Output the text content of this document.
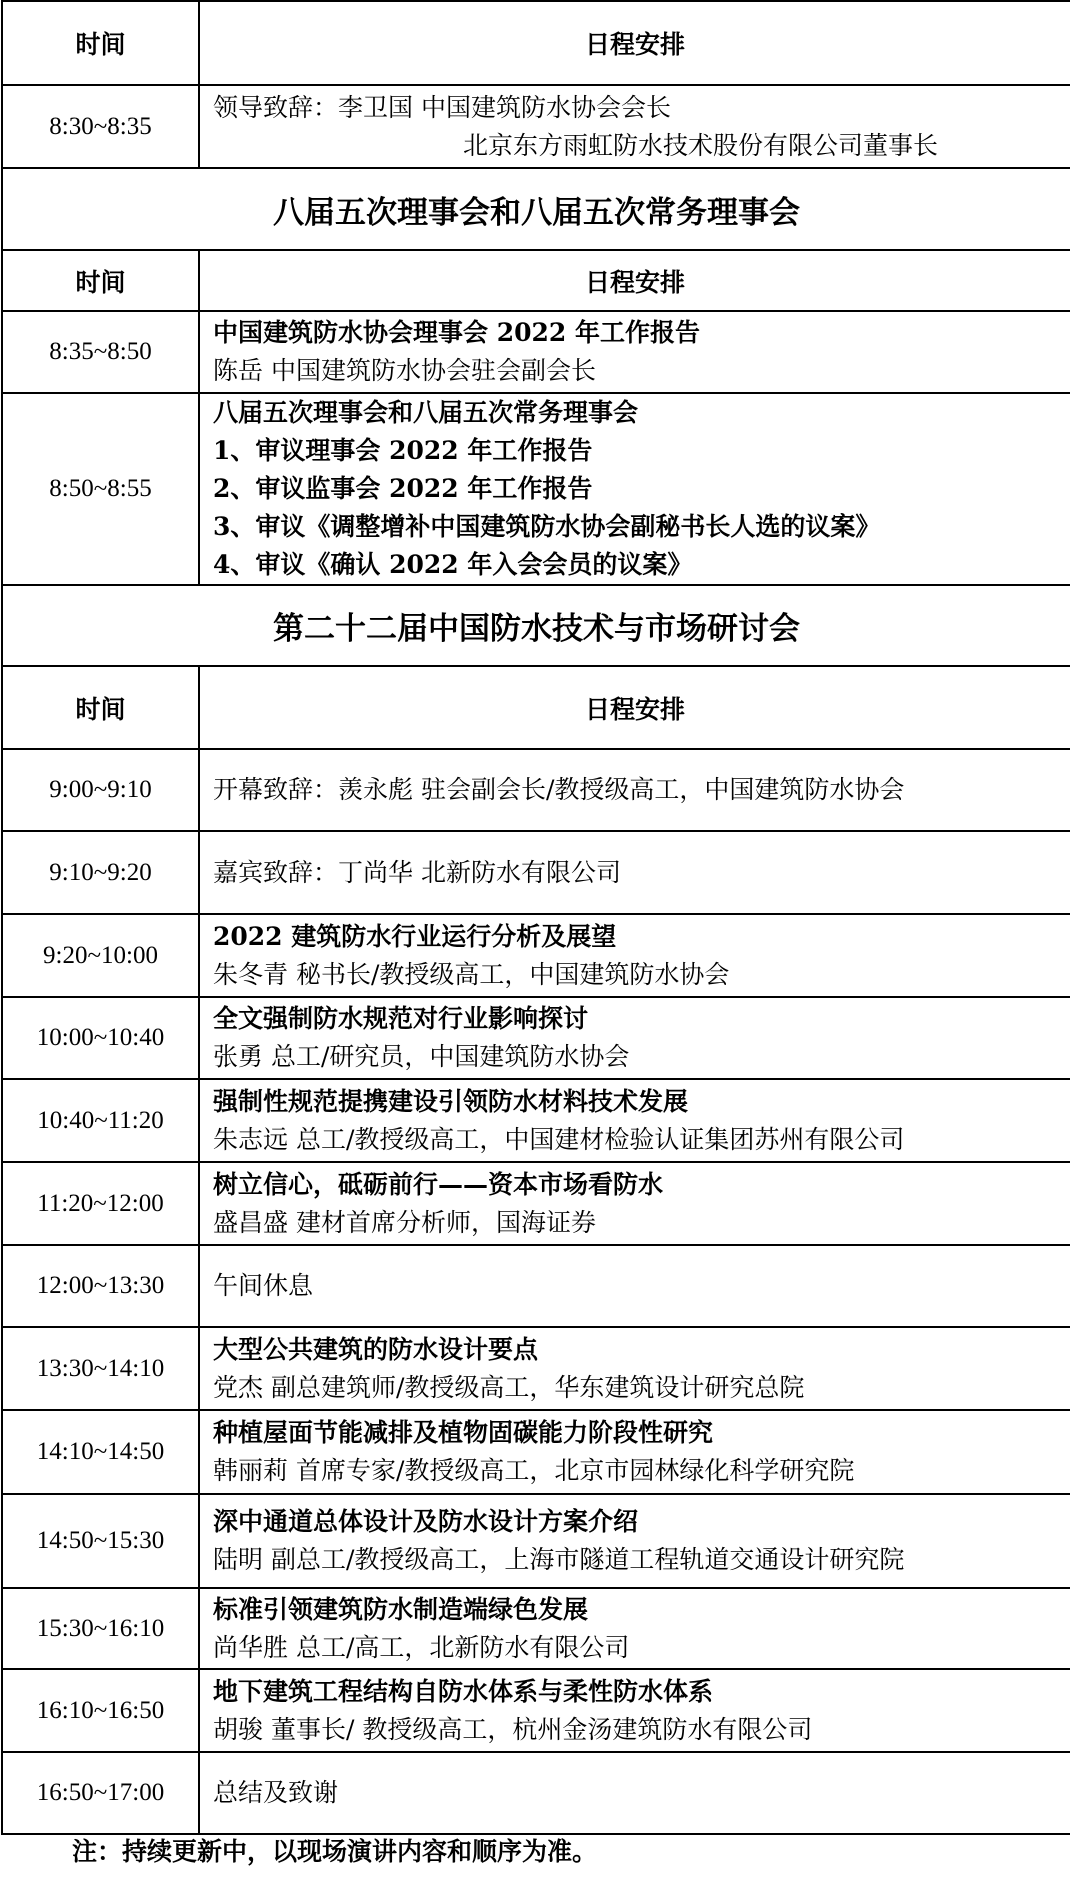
时间	日程安排
8:30~8:35	领导致辞：李卫国 中国建筑防水协会会长
北京东方雨虹防水技术股份有限公司董事长

八届五次理事会和八届五次常务理事会	
时间	日程安排
8:35~8:50	中国建筑防水协会理事会 2022 年工作报告
陈岳 中国建筑防水协会驻会副会长

8:50~8:55	八届五次理事会和八届五次常务理事会
1、审议理事会 2022 年工作报告
2、审议监事会 2022 年工作报告
3、审议《调整增补中国建筑防水协会副秘书长人选的议案》
4、审议《确认 2022 年入会会员的议案》

第二十二届中国防水技术与市场研讨会	
时间	日程安排
9:00~9:10	开幕致辞：羡永彪 驻会副会长/教授级高工，中国建筑防水协会
9:10~9:20	嘉宾致辞：丁尚华 北新防水有限公司
9:20~10:00	2022 建筑防水行业运行分析及展望
朱冬青 秘书长/教授级高工，中国建筑防水协会

10:00~10:40	全文强制防水规范对行业影响探讨
张勇 总工/研究员，中国建筑防水协会

10:40~11:20	强制性规范提携建设引领防水材料技术发展
朱志远 总工/教授级高工，中国建材检验认证集团苏州有限公司

11:20~12:00	树立信心，砥砺前行——资本市场看防水
盛昌盛 建材首席分析师，国海证券

12:00~13:30	午间休息
13:30~14:10	大型公共建筑的防水设计要点
党杰 副总建筑师/教授级高工，华东建筑设计研究总院

14:10~14:50	种植屋面节能减排及植物固碳能力阶段性研究
韩丽莉 首席专家/教授级高工，北京市园林绿化科学研究院

14:50~15:30	深中通道总体设计及防水设计方案介绍
陆明 副总工/教授级高工，上海市隧道工程轨道交通设计研究院

15:30~16:10	标准引领建筑防水制造端绿色发展
尚华胜 总工/高工，北新防水有限公司

16:10~16:50	地下建筑工程结构自防水体系与柔性防水体系
胡骏 董事长/ 教授级高工，杭州金汤建筑防水有限公司

16:50~17:00	总结及致谢
注：持续更新中，以现场演讲内容和顺序为准。
